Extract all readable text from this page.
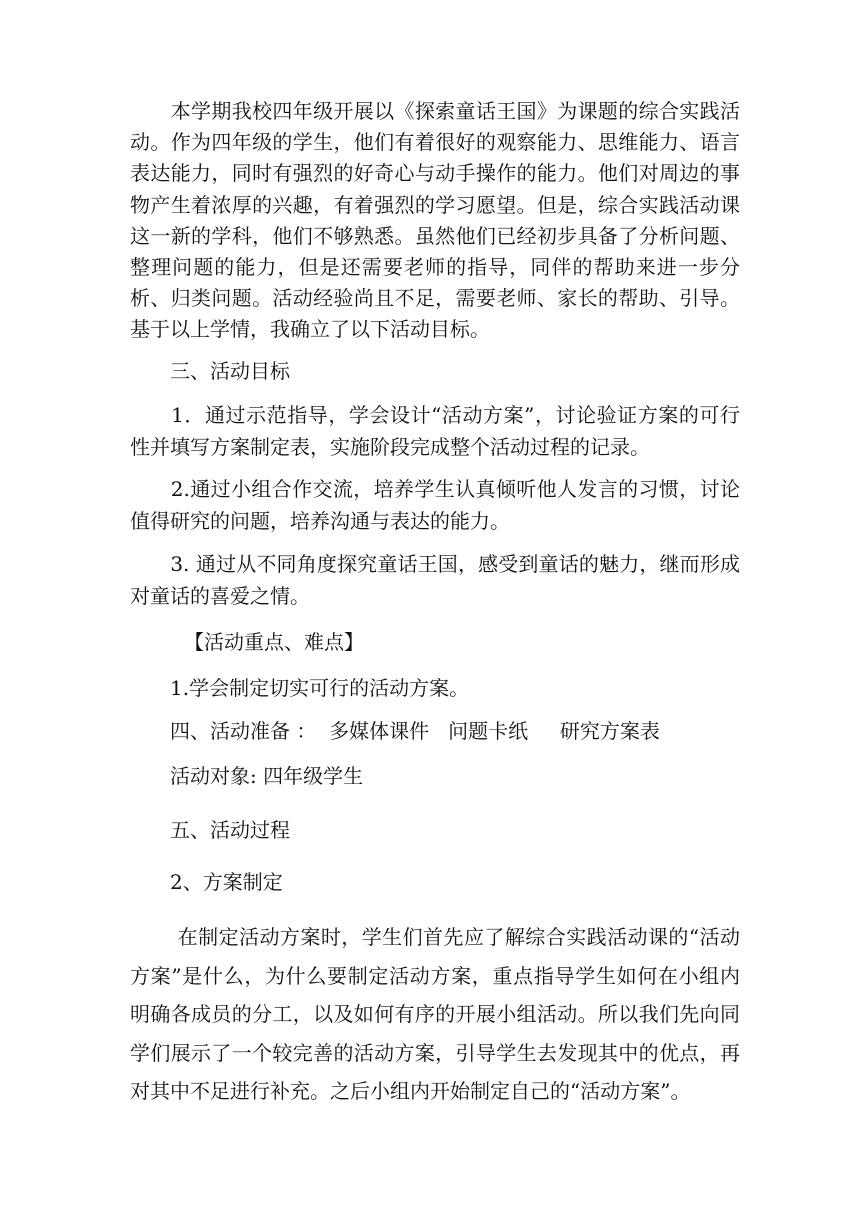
　　本学期我校四年级开展以《探索童话王国》为课题的综合实践活动。作为四年级的学生，他们有着很好的观察能力、思维能力、语言表达能力，同时有强烈的好奇心与动手操作的能力。他们对周边的事物产生着浓厚的兴趣，有着强烈的学习愿望。但是，综合实践活动课这一新的学科，他们不够熟悉。虽然他们已经初步具备了分析问题、整理问题的能力，但是还需要老师的指导，同伴的帮助来进一步分析、归类问题。活动经验尚且不足，需要老师、家长的帮助、引导。基于以上学情，我确立了以下活动目标。

三、活动目标

　　1．通过示范指导，学会设计“活动方案”，讨论验证方案的可行性并填写方案制定表，实施阶段完成整个活动过程的记录。

　　2.通过小组合作交流，培养学生认真倾听他人发言的习惯，讨论值得研究的问题，培养沟通与表达的能力。

　　3. 通过从不同角度探究童话王国，感受到童话的魅力，继而形成对童话的喜爱之情。

【活动重点、难点】

1.学会制定切实可行的活动方案。

四、活动准备 ：  多媒体课件   问题卡纸     研究方案表

活动对象: 四年级学生

五、活动过程

2、方案制定

　　 在制定活动方案时，学生们首先应了解综合实践活动课的“活动方案”是什么，为什么要制定活动方案，重点指导学生如何在小组内明确各成员的分工，以及如何有序的开展小组活动。所以我们先向同学们展示了一个较完善的活动方案，引导学生去发现其中的优点，再对其中不足进行补充。之后小组内开始制定自己的“活动方案”。
